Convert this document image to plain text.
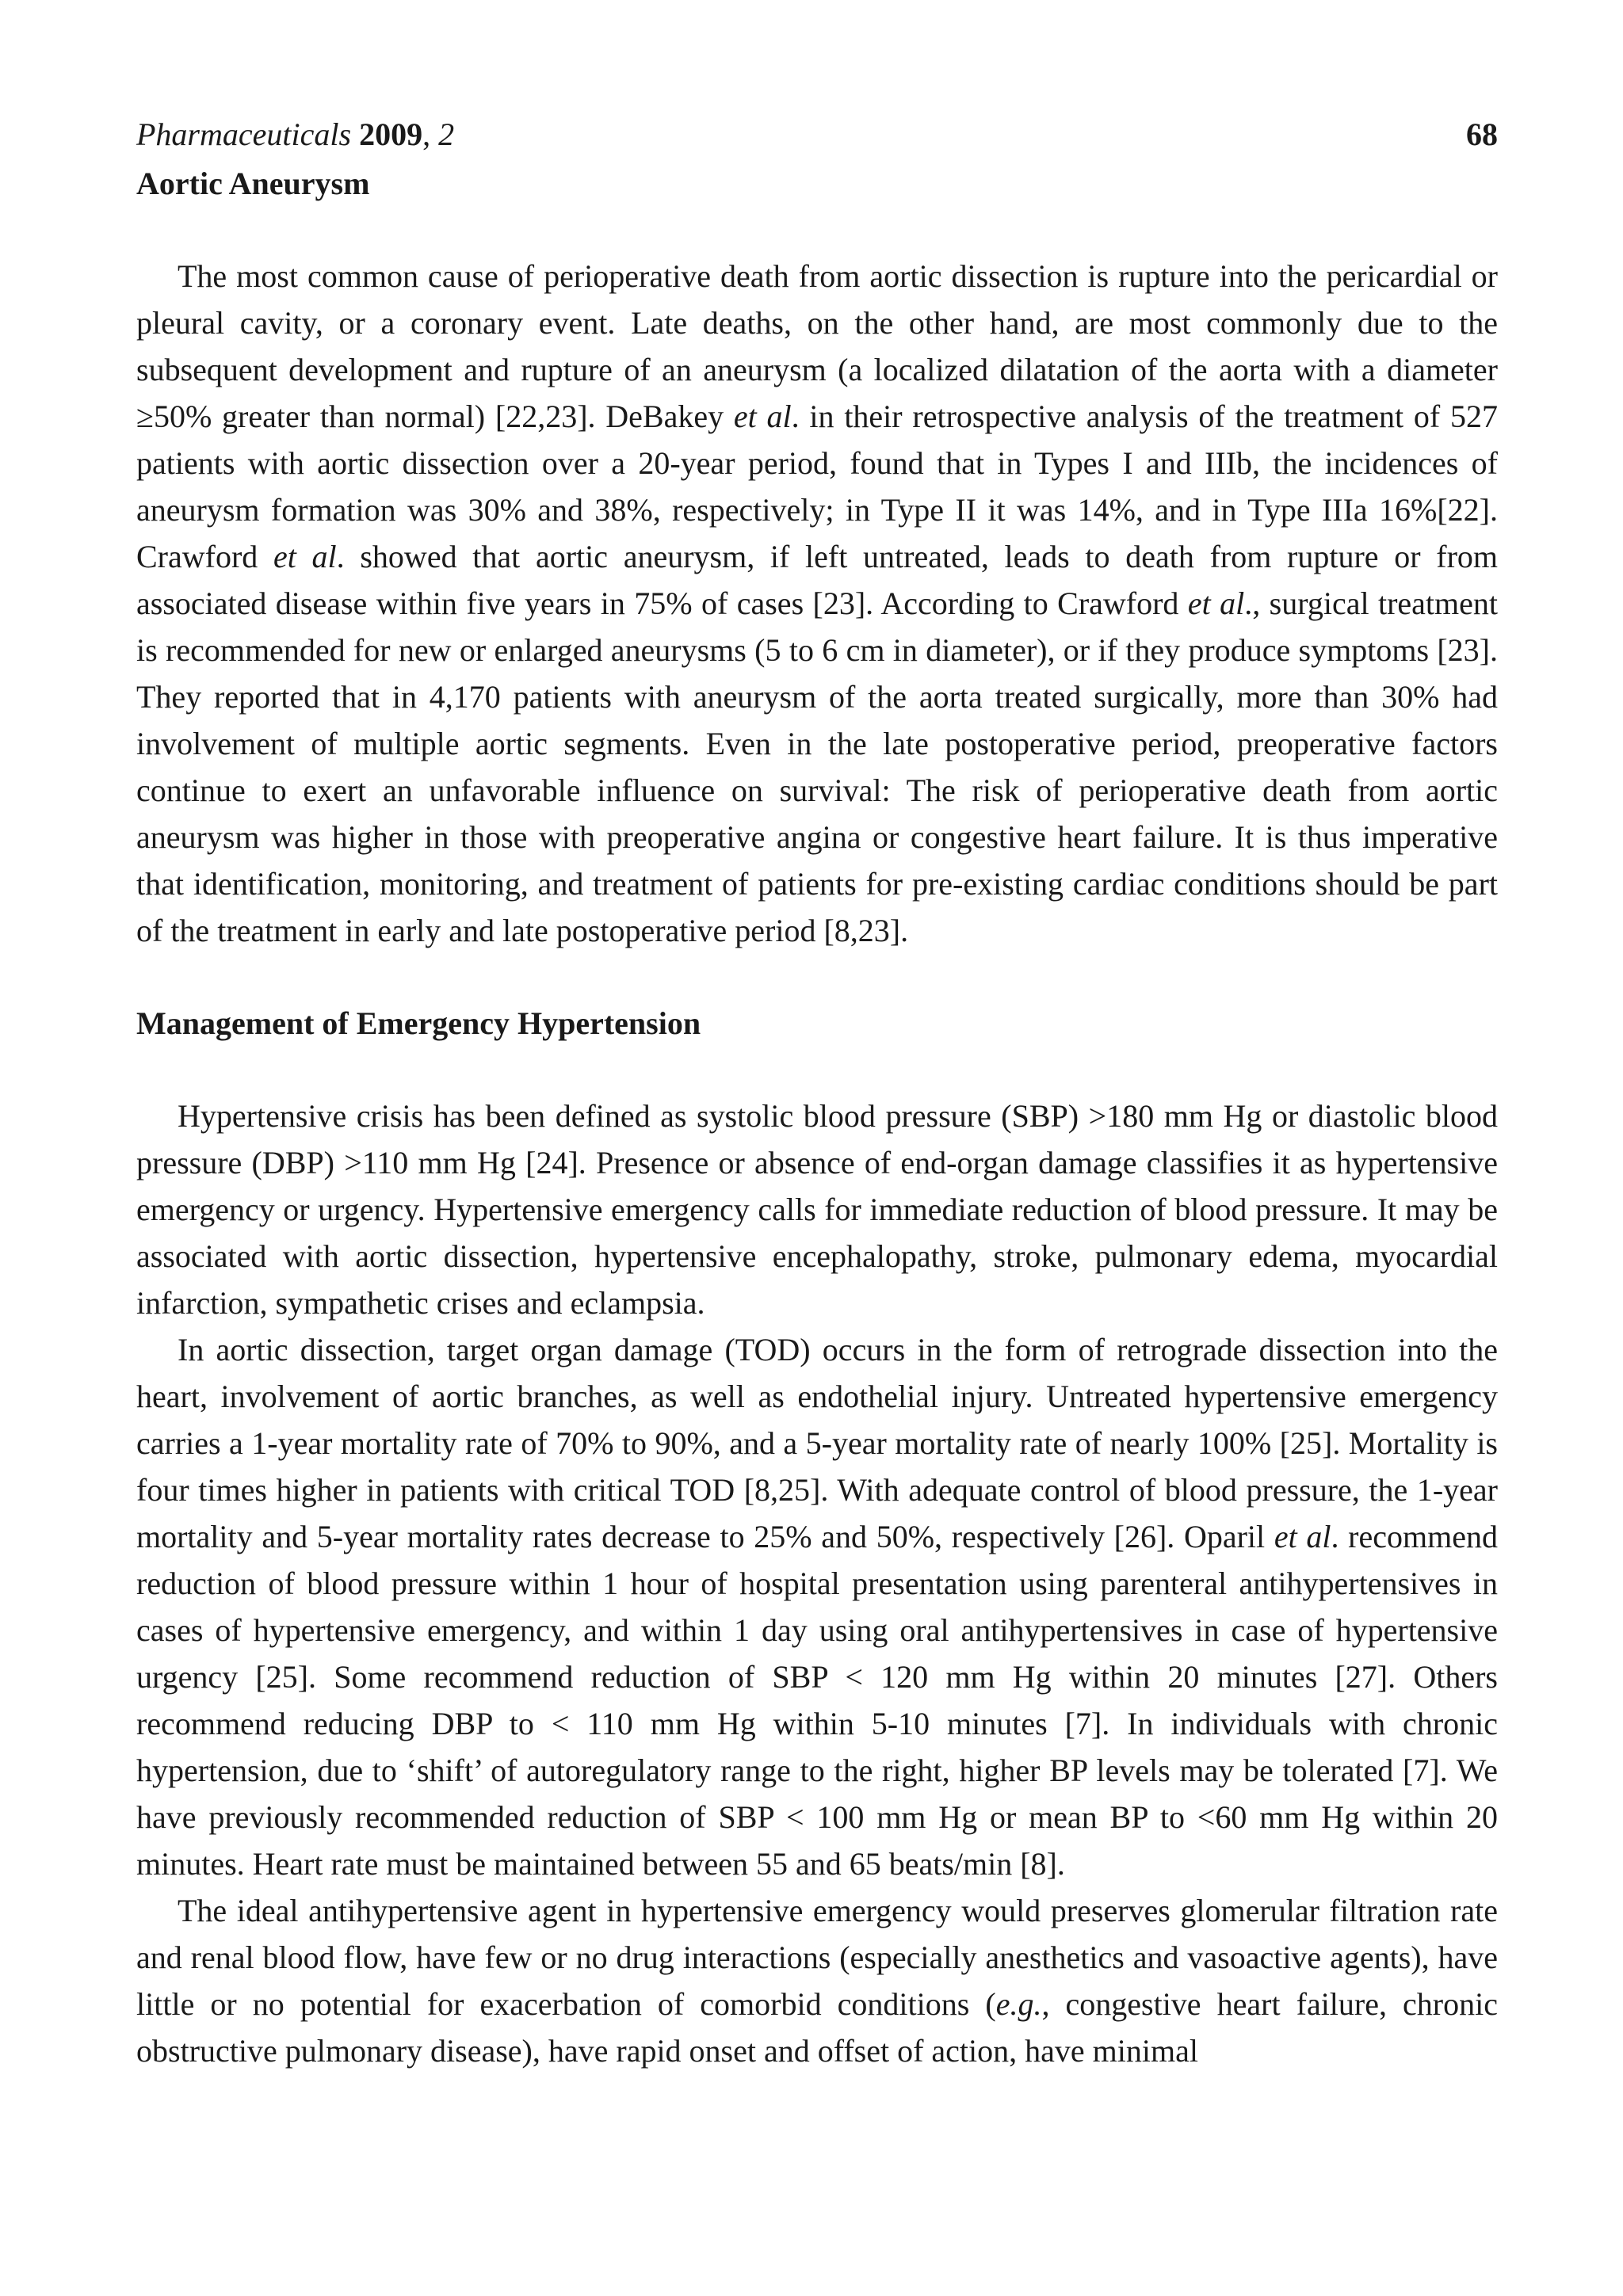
Pharmaceuticals 2009, 2	68
Aortic Aneurysm

The most common cause of perioperative death from aortic dissection is rupture into the pericardial or pleural cavity, or a coronary event. Late deaths, on the other hand, are most commonly due to the subsequent development and rupture of an aneurysm (a localized dilatation of the aorta with a diameter ≥50% greater than normal) [22,23]. DeBakey et al. in their retrospective analysis of the treatment of 527 patients with aortic dissection over a 20-year period, found that in Types I and IIIb, the incidences of aneurysm formation was 30% and 38%, respectively; in Type II it was 14%, and in Type IIIa 16%[22]. Crawford et al. showed that aortic aneurysm, if left untreated, leads to death from rupture or from associated disease within five years in 75% of cases [23]. According to Crawford et al., surgical treatment is recommended for new or enlarged aneurysms (5 to 6 cm in diameter), or if they produce symptoms [23]. They reported that in 4,170 patients with aneurysm of the aorta treated surgically, more than 30% had involvement of multiple aortic segments. Even in the late postoperative period, preoperative factors continue to exert an unfavorable influence on survival: The risk of perioperative death from aortic aneurysm was higher in those with preoperative angina or congestive heart failure. It is thus imperative that identification, monitoring, and treatment of patients for pre-existing cardiac conditions should be part of the treatment in early and late postoperative period [8,23].

Management of Emergency Hypertension

Hypertensive crisis has been defined as systolic blood pressure (SBP) >180 mm Hg or diastolic blood pressure (DBP) >110 mm Hg [24]. Presence or absence of end-organ damage classifies it as hypertensive emergency or urgency. Hypertensive emergency calls for immediate reduction of blood pressure. It may be associated with aortic dissection, hypertensive encephalopathy, stroke, pulmonary edema, myocardial infarction, sympathetic crises and eclampsia.

In aortic dissection, target organ damage (TOD) occurs in the form of retrograde dissection into the heart, involvement of aortic branches, as well as endothelial injury. Untreated hypertensive emergency carries a 1-year mortality rate of 70% to 90%, and a 5-year mortality rate of nearly 100% [25]. Mortality is four times higher in patients with critical TOD [8,25]. With adequate control of blood pressure, the 1-year mortality and 5-year mortality rates decrease to 25% and 50%, respectively [26]. Oparil et al. recommend reduction of blood pressure within 1 hour of hospital presentation using parenteral antihypertensives in cases of hypertensive emergency, and within 1 day using oral antihypertensives in case of hypertensive urgency [25]. Some recommend reduction of SBP < 120 mm Hg within 20 minutes [27]. Others recommend reducing DBP to < 110 mm Hg within 5-10 minutes [7]. In individuals with chronic hypertension, due to ‘shift’ of autoregulatory range to the right, higher BP levels may be tolerated [7]. We have previously recommended reduction of SBP < 100 mm Hg or mean BP to <60 mm Hg within 20 minutes. Heart rate must be maintained between 55 and 65 beats/min [8].

The ideal antihypertensive agent in hypertensive emergency would preserves glomerular filtration rate and renal blood flow, have few or no drug interactions (especially anesthetics and vasoactive agents), have little or no potential for exacerbation of comorbid conditions (e.g., congestive heart failure, chronic obstructive pulmonary disease), have rapid onset and offset of action, have minimal
